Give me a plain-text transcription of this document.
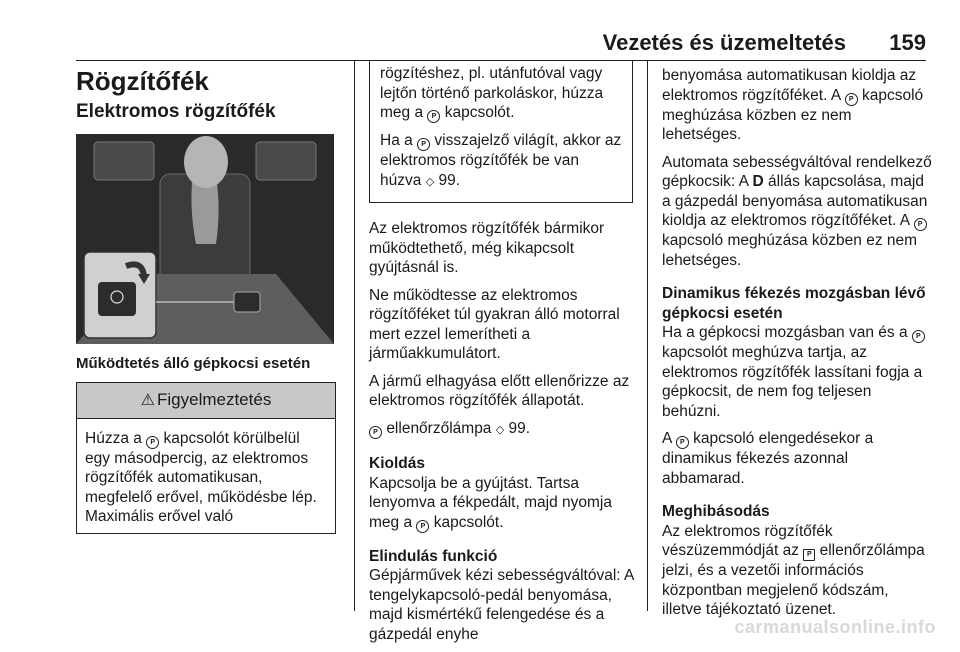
Vezetés és üzemeltetés 159
Rögzítőfék
Elektromos rögzítőfék
Működtetés álló gépkocsi esetén
⚠ Figyelmeztetés

Húzza a P kapcsolót körülbelül egy másodpercig, az elektromos rögzítőfék automatikusan, megfelelő erővel, működésbe lép. Maximális erővel való

rögzítéshez, pl. utánfutóval vagy lejtőn történő parkoláskor, húzza meg a P kapcsolót.

Ha a P visszajelző világít, akkor az elektromos rögzítőfék be van húzva ◇ 99.

Az elektromos rögzítőfék bármikor működtethető, még kikapcsolt gyújtásnál is.

Ne működtesse az elektromos rögzítőféket túl gyakran álló motorral mert ezzel lemerítheti a járműakkumulátort.

A jármű elhagyása előtt ellenőrizze az elektromos rögzítőfék állapotát.

P ellenőrzőlámpa ◇ 99.

Kioldás

Kapcsolja be a gyújtást. Tartsa lenyomva a fékpedált, majd nyomja meg a P kapcsolót.

Elindulás funkció

Gépjárművek kézi sebességváltóval: A tengelykapcsoló-pedál benyomása, majd kismértékű felengedése és a gázpedál enyhe

benyomása automatikusan kioldja az elektromos rögzítőféket. A P kapcsoló meghúzása közben ez nem lehetséges.

Automata sebességváltóval rendelkező gépkocsik: A D állás kapcsolása, majd a gázpedál benyomása automatikusan kioldja az elektromos rögzítőféket. A P kapcsoló meghúzása közben ez nem lehetséges.

Dinamikus fékezés mozgásban lévő gépkocsi esetén

Ha a gépkocsi mozgásban van és a P kapcsolót meghúzva tartja, az elektromos rögzítőfék lassítani fogja a gépkocsit, de nem fog teljesen behúzni.

A P kapcsoló elengedésekor a dinamikus fékezés azonnal abbamarad.

Meghibásodás

Az elektromos rögzítőfék vészüzemmódját az P ellenőrzőlámpa jelzi, és a vezetői információs központban megjelenő kódszám, illetve tájékoztató üzenet.

carmanualsonline.info
